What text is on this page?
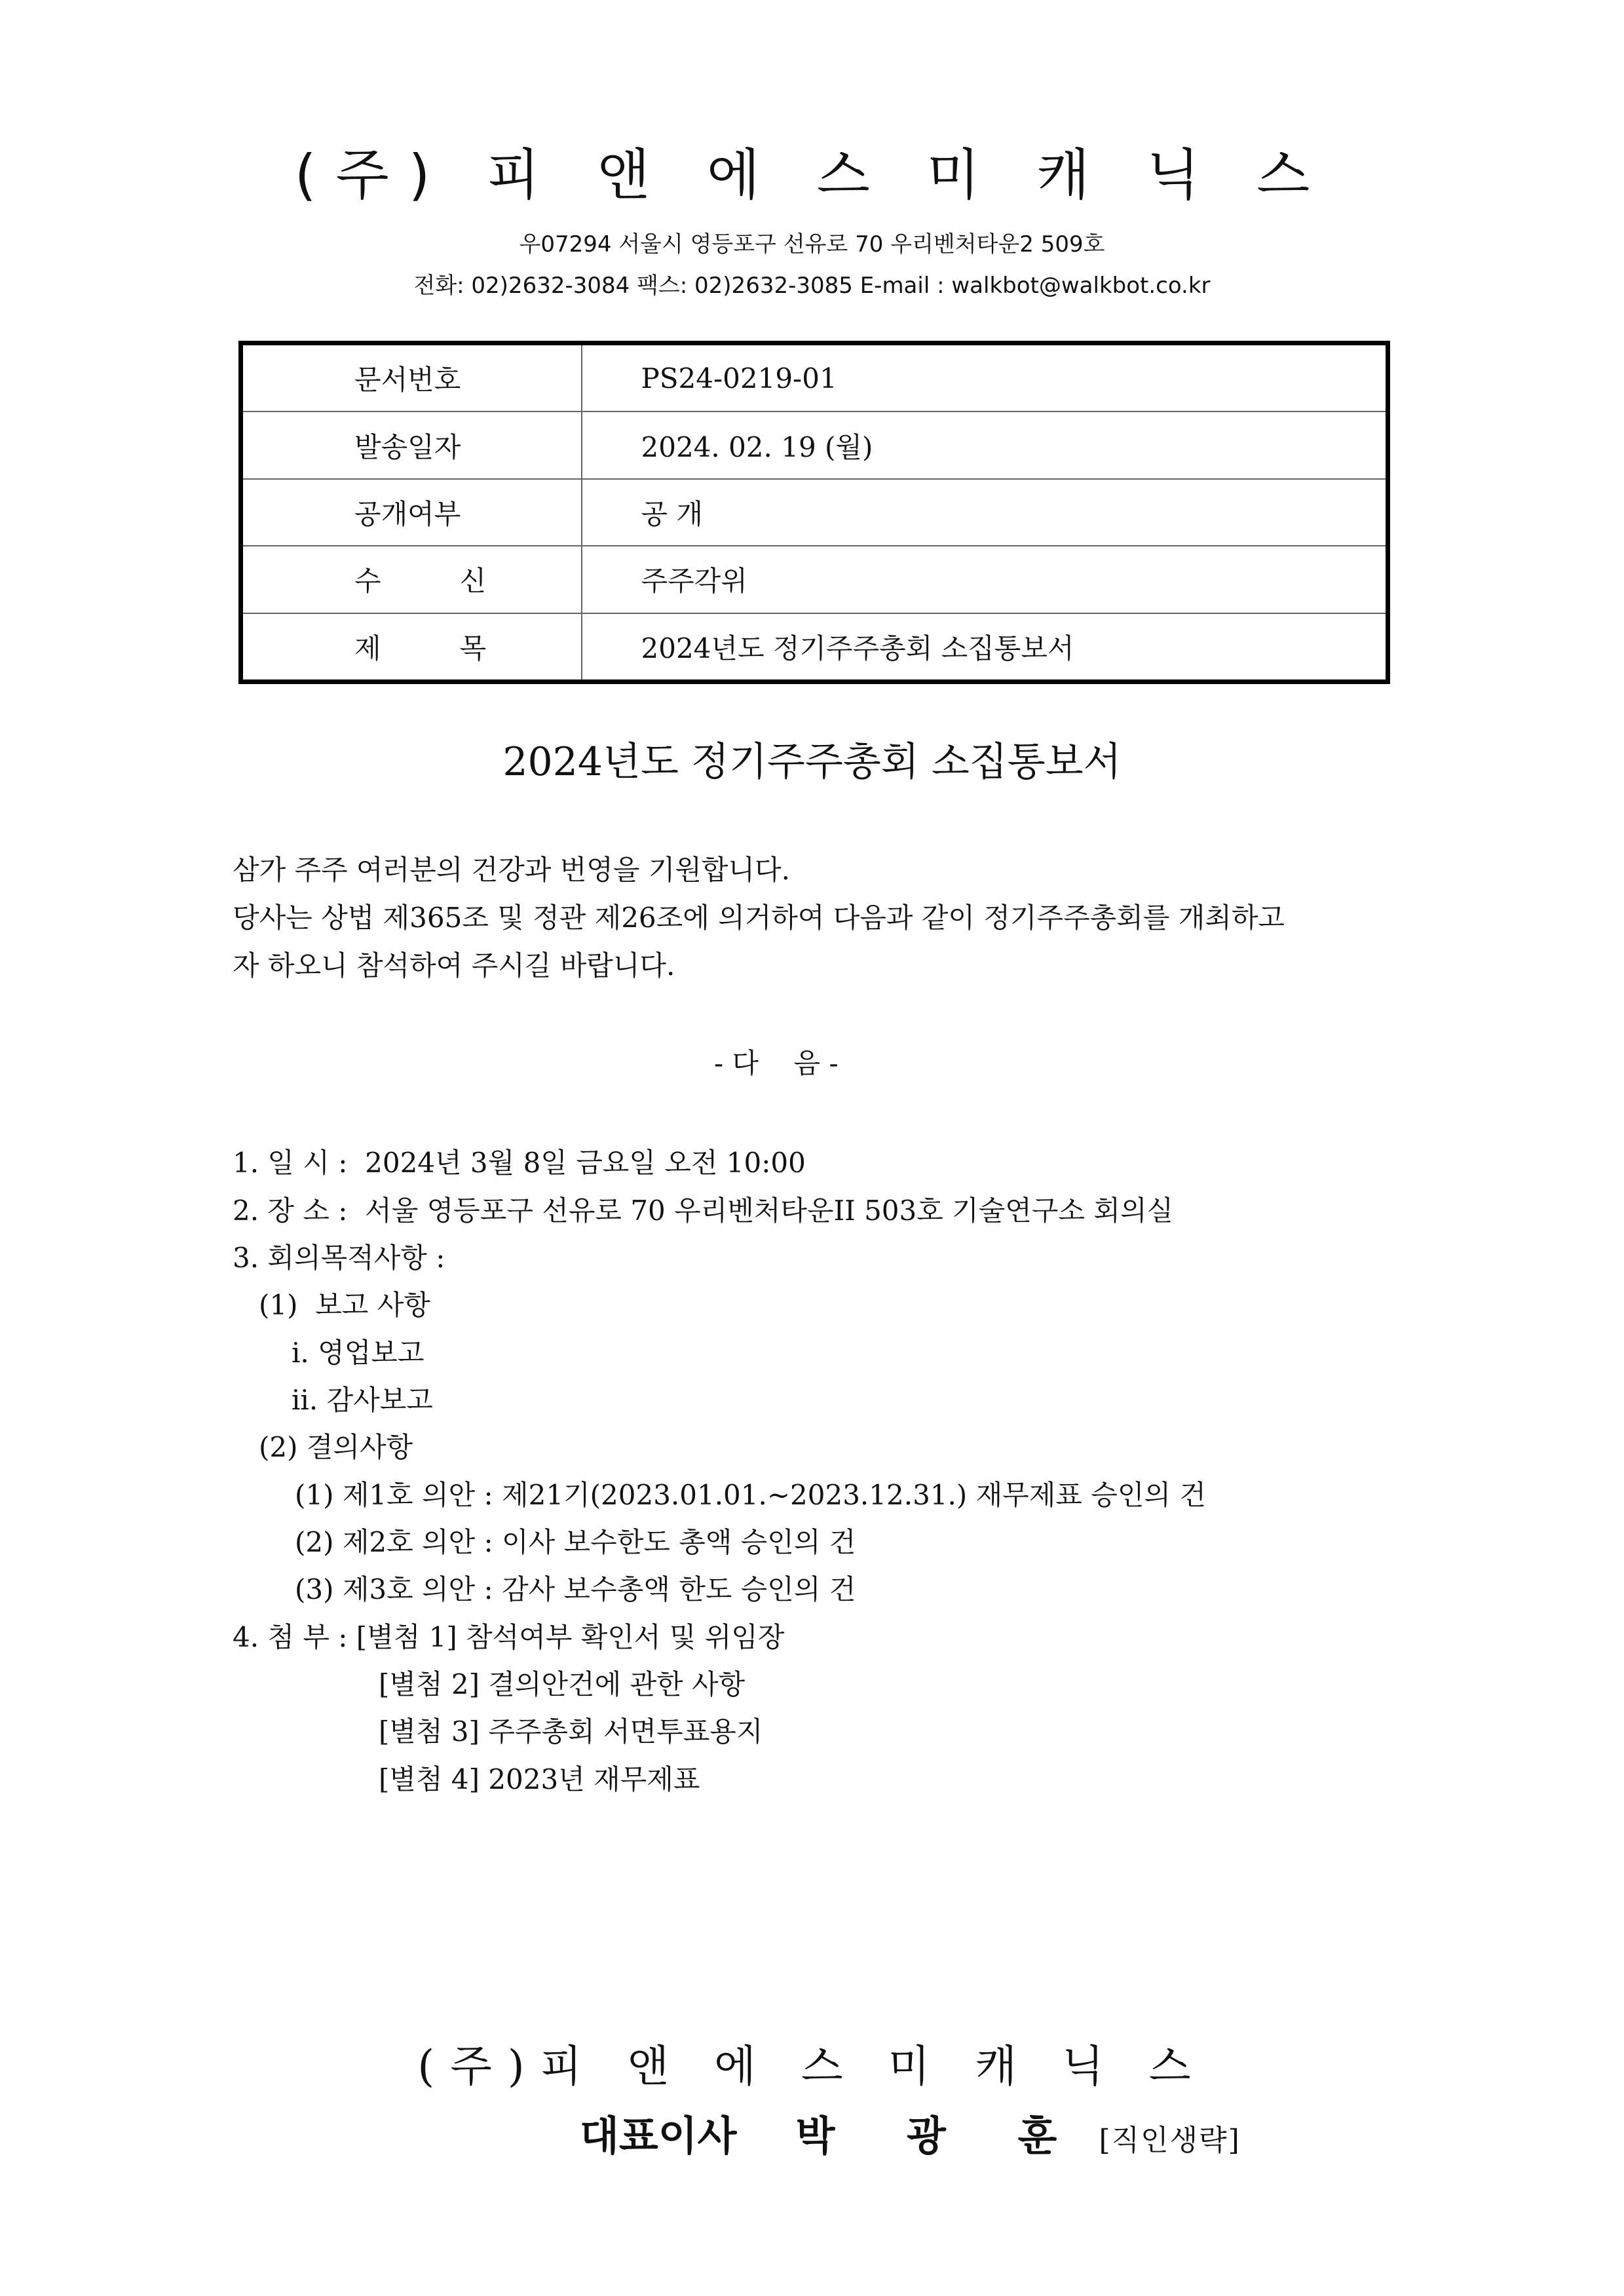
(주) 피 앤 에 스 미 캐 닉 스
우07294 서울시 영등포구 선유로 70 우리벤처타운2 509호
전화: 02)2632-3084 팩스: 02)2632-3085 E-mail : walkbot@walkbot.co.kr
문서번호	PS24-0219-01
발송일자	2024. 02. 19 (월)
공개여부	공 개
수신	주주각위
제목	2024년도 정기주주총회 소집통보서
2024년도 정기주주총회 소집통보서
삼가 주주 여러분의 건강과 번영을 기원합니다.
당사는 상법 제365조 및 정관 제26조에 의거하여 다음과 같이 정기주주총회를 개최하고
자 하오니 참석하여 주시길 바랍니다.
- 다    음 -
1. 일 시 :  2024년 3월 8일 금요일 오전 10:00
2. 장 소 :  서울 영등포구 선유로 70 우리벤처타운II 503호 기술연구소 회의실
3. 회의목적사항 :
(1)  보고 사항
i. 영업보고
ii. 감사보고
(2) 결의사항
(1) 제1호 의안 : 제21기(2023.01.01.~2023.12.31.) 재무제표 승인의 건
(2) 제2호 의안 : 이사 보수한도 총액 승인의 건
(3) 제3호 의안 : 감사 보수총액 한도 승인의 건
4. 첨 부 : [별첨 1] 참석여부 확인서 및 위임장
[별첨 2] 결의안건에 관한 사항
[별첨 3] 주주총회 서면투표용지
[별첨 4] 2023년 재무제표
(주)피 앤 에 스 미 캐 닉 스
대표이사 박 광 훈 [직인생략]
